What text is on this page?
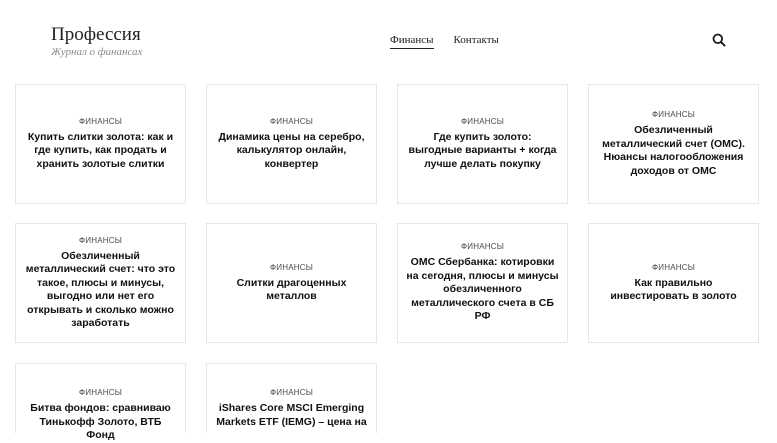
Профессия
Журнал о финансах
Финансы Контакты
ФИНАНСЫ
Купить слитки золота: как и где купить, как продать и хранить золотые слитки
ФИНАНСЫ
Динамика цены на серебро, калькулятор онлайн, конвертер
ФИНАНСЫ
Где купить золото: выгодные варианты + когда лучше делать покупку
ФИНАНСЫ
Обезличенный металлический счет (ОМС). Нюансы налогообложения доходов от ОМС
ФИНАНСЫ
Обезличенный металлический счет: что это такое, плюсы и минусы, выгодно или нет его открывать и сколько можно заработать
ФИНАНСЫ
Слитки драгоценных металлов
ФИНАНСЫ
ОМС Сбербанка: котировки на сегодня, плюсы и минусы обезличенного металлического счета в СБ РФ
ФИНАНСЫ
Как правильно инвестировать в золото
ФИНАНСЫ
Битва фондов: сравниваю Тинькофф Золото, ВТБ Фонд
ФИНАНСЫ
iShares Core MSCI Emerging Markets ETF (IEMG) – цена на
